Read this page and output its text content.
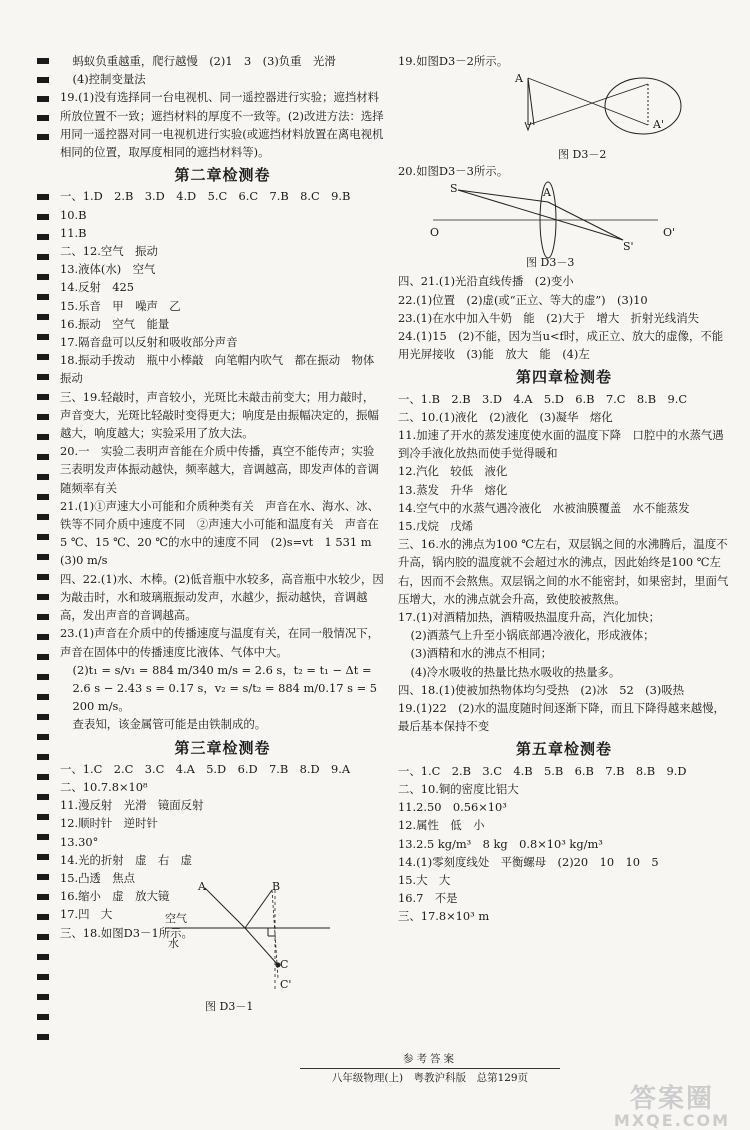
蚂蚁负重越重，爬行越慢　(2)1　3　(3)负重　光滑

(4)控制变量法

19.(1)没有选择同一台电视机、同一遥控器进行实验；遮挡材料所放位置不一致；遮挡材料的厚度不一致等。(2)改进方法：选择用同一遥控器对同一电视机进行实验(或遮挡材料放置在离电视机相同的位置，取厚度相同的遮挡材料等)。

第二章检测卷

一、1.D　2.B　3.D　4.D　5.C　6.C　7.B　8.C　9.B　10.B

11.B

二、12.空气　振动

13.液体(水)　空气

14.反射　425

15.乐音　甲　噪声　乙

16.振动　空气　能量

17.隔音盘可以反射和吸收部分声音

18.振动手拨动　瓶中小棒敲　向笔帽内吹气　都在振动　物体振动

三、19.轻敲时，声音较小，光斑比未敲击前变大；用力敲时，声音变大，光斑比轻敲时变得更大；响度是由振幅决定的，振幅越大，响度越大；实验采用了放大法。

20.一　实验二表明声音能在介质中传播，真空不能传声；实验三表明发声体振动越快，频率越大，音调越高，即发声体的音调随频率有关

21.(1)①声速大小可能和介质种类有关　声音在水、海水、冰、铁等不同介质中速度不同　②声速大小可能和温度有关　声音在5 ℃、15 ℃、20 ℃的水中的速度不同　(2)s=vt　1 531 m　(3)0 m/s

四、22.(1)水、木棒。(2)低音瓶中水较多，高音瓶中水较少，因为敲击时，水和玻璃瓶振动发声，水越少，振动越快，音调越高，发出声音的音调越高。

23.(1)声音在介质中的传播速度与温度有关，在同一般情况下，声音在固体中的传播速度比液体、气体中大。

(2)t₁ = s/v₁ = 884 m/340 m/s = 2.6 s，t₂ = t₁ − Δt = 2.6 s − 2.43 s = 0.17 s，v₂ = s/t₂ = 884 m/0.17 s = 5 200 m/s。

查表知，该金属管可能是由铁制成的。

第三章检测卷

一、1.C　2.C　3.C　4.A　5.D　6.D　7.B　8.D　9.A

二、10.7.8×10⁸

11.漫反射　光滑　镜面反射

12.顺时针　逆时针

13.30°

14.光的折射　虚　右　虚

15.凸透　焦点

16.缩小　虚　放大镜

17.凹　大

三、18.如图D3－1所示。

A	B
空气
水
C
C'
图 D3－1

19.如图D3－2所示。

A
A'
图 D3－2

20.如图D3－3所示。

S	A
O	O'
S'
图 D3－3

四、21.(1)光沿直线传播　(2)变小

22.(1)位置　(2)虚(或“正立、等大的虚”)　(3)10

23.(1)在水中加入牛奶　能　(2)大于　增大　折射光线消失

24.(1)15　(2)不能，因为当u<f时，成正立、放大的虚像，不能用光屏接收　(3)能　放大　能　(4)左

第四章检测卷

一、1.B　2.B　3.D　4.A　5.D　6.B　7.C　8.B　9.C

二、10.(1)液化　(2)液化　(3)凝华　熔化

11.加速了开水的蒸发速度使水面的温度下降　口腔中的水蒸气遇到冷手液化放热而使手觉得暖和

12.汽化　较低　液化

13.蒸发　升华　熔化

14.空气中的水蒸气遇冷液化　水被油膜覆盖　水不能蒸发

15.戊烷　戊烯

三、16.水的沸点为100 ℃左右，双层锅之间的水沸腾后，温度不升高，锅内胶的温度就不会超过水的沸点，因此始终是100 ℃左右，因而不会熬焦。双层锅之间的水不能密封，如果密封，里面气压增大，水的沸点就会升高，致使胶被熬焦。

17.(1)对酒精加热，酒精吸热温度升高，汽化加快；

(2)酒蒸气上升至小锅底部遇冷液化，形成液体；

(3)酒精和水的沸点不相同；

(4)冷水吸收的热量比热水吸收的热量多。

四、18.(1)使被加热物体均匀受热　(2)冰　52　(3)吸热

19.(1)22　(2)水的温度随时间逐渐下降，而且下降得越来越慢，最后基本保持不变

第五章检测卷

一、1.C　2.B　3.C　4.B　5.B　6.B　7.B　8.B　9.D

二、10.铜的密度比铝大

11.2.50　0.56×10³

12.属性　低　小

13.2.5 kg/m³　8 kg　0.8×10³ kg/m³

14.(1)零刻度线处　平衡螺母　(2)20　10　10　5

15.大　大

16.7　不是

三、17.8×10³ m

参考答案
八年级物理(上)　粤教沪科版　总第129页
答案圈
MXQE.COM
